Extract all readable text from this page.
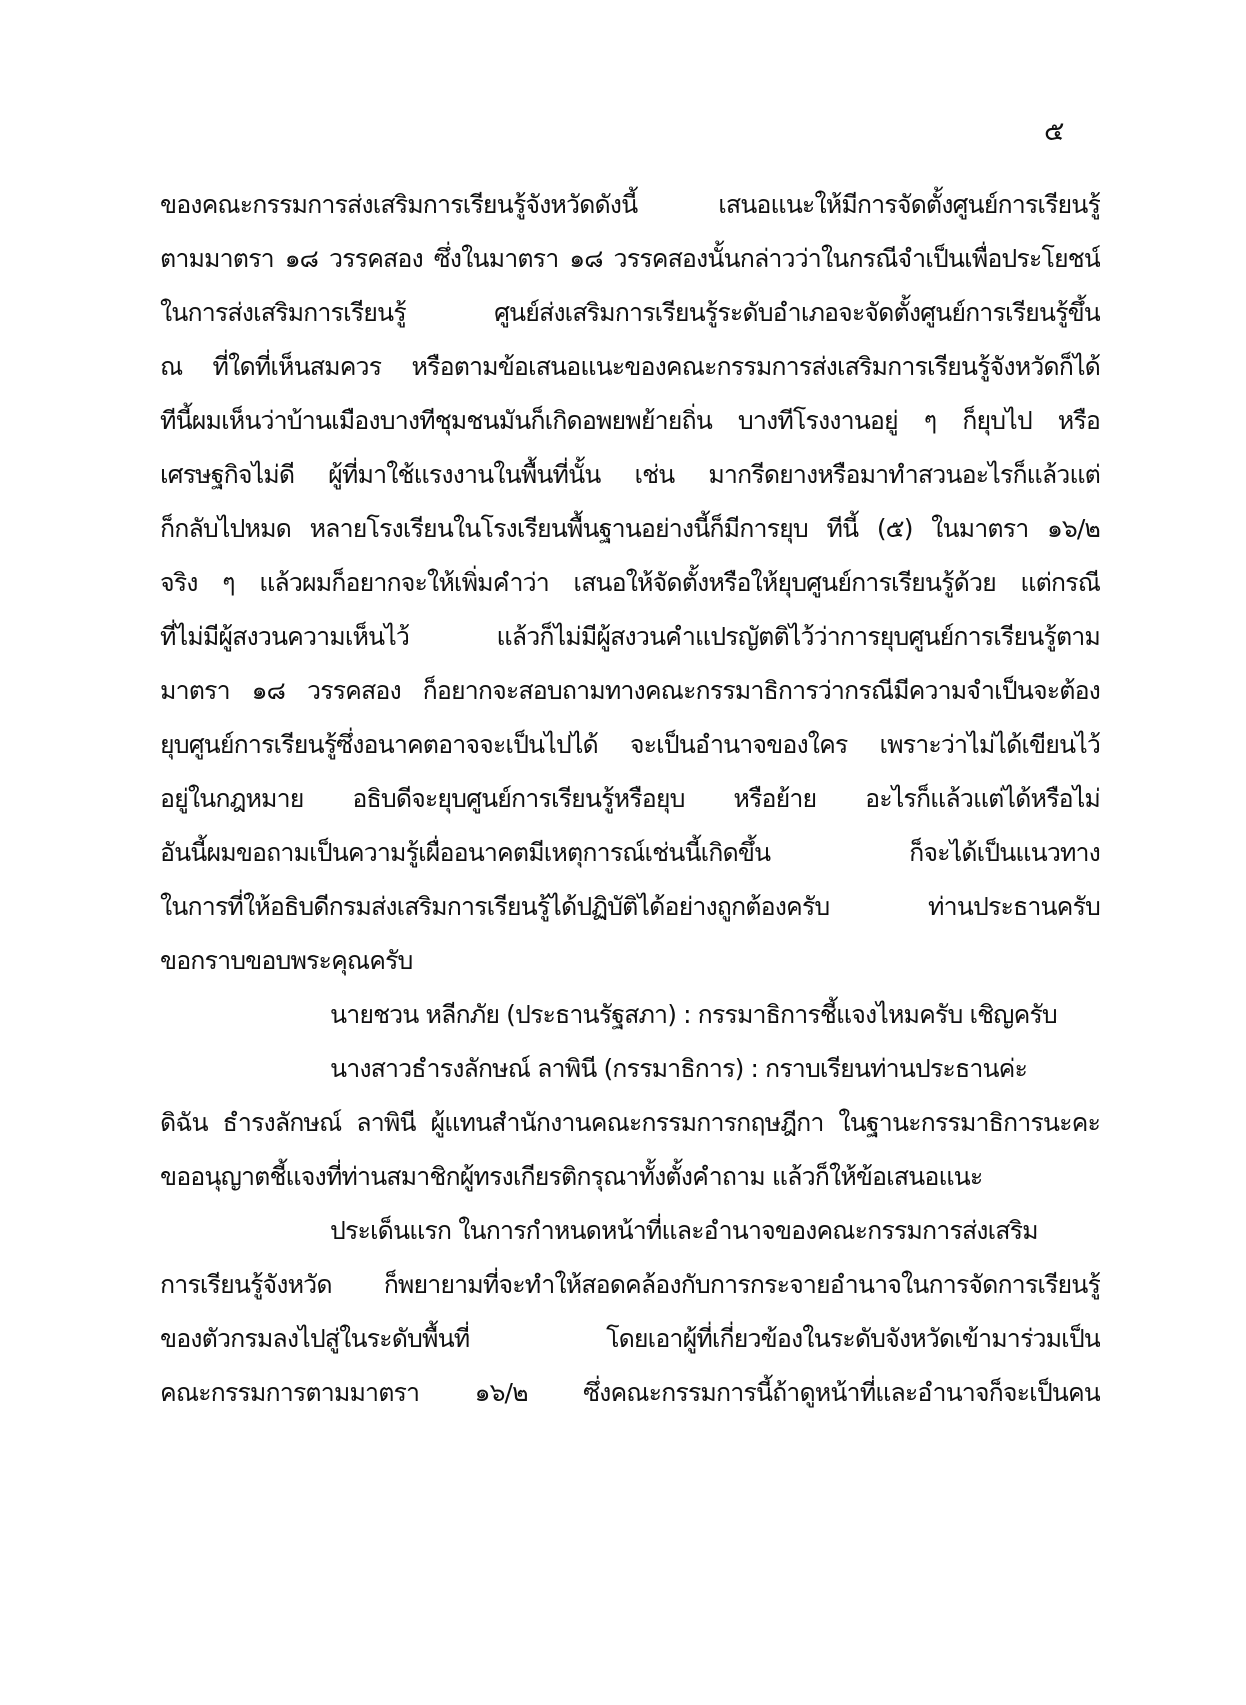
๕
ของคณะกรรมการส่งเสริมการเรียนรู้จังหวัดดังนี้ เสนอแนะให้มีการจัดตั้งศูนย์การเรียนรู้
ตามมาตรา ๑๘ วรรคสอง ซึ่งในมาตรา ๑๘ วรรคสองนั้นกล่าวว่าในกรณีจำเป็นเพื่อประโยชน์
ในการส่งเสริมการเรียนรู้ ศูนย์ส่งเสริมการเรียนรู้ระดับอำเภอจะจัดตั้งศูนย์การเรียนรู้ขึ้น
ณ ที่ใดที่เห็นสมควร หรือตามข้อเสนอแนะของคณะกรรมการส่งเสริมการเรียนรู้จังหวัดก็ได้
ทีนี้ผมเห็นว่าบ้านเมืองบางทีชุมชนมันก็เกิดอพยพย้ายถิ่น บางทีโรงงานอยู่ ๆ ก็ยุบไป หรือ
เศรษฐกิจไม่ดี ผู้ที่มาใช้แรงงานในพื้นที่นั้น เช่น มากรีดยางหรือมาทำสวนอะไรก็แล้วแต่
ก็กลับไปหมด หลายโรงเรียนในโรงเรียนพื้นฐานอย่างนี้ก็มีการยุบ ทีนี้ (๕) ในมาตรา ๑๖/๒
จริง ๆ แล้วผมก็อยากจะให้เพิ่มคำว่า เสนอให้จัดตั้งหรือให้ยุบศูนย์การเรียนรู้ด้วย แต่กรณี
ที่ไม่มีผู้สงวนความเห็นไว้ แล้วก็ไม่มีผู้สงวนคำแปรญัตติไว้ว่าการยุบศูนย์การเรียนรู้ตาม
มาตรา ๑๘ วรรคสอง ก็อยากจะสอบถามทางคณะกรรมาธิการว่ากรณีมีความจำเป็นจะต้อง
ยุบศูนย์การเรียนรู้ซึ่งอนาคตอาจจะเป็นไปได้ จะเป็นอำนาจของใคร เพราะว่าไม่ได้เขียนไว้
อยู่ในกฎหมาย อธิบดีจะยุบศูนย์การเรียนรู้หรือยุบ หรือย้าย อะไรก็แล้วแต่ได้หรือไม่
อันนี้ผมขอถามเป็นความรู้เผื่ออนาคตมีเหตุการณ์เช่นนี้เกิดขึ้น ก็จะได้เป็นแนวทาง
ในการที่ให้อธิบดีกรมส่งเสริมการเรียนรู้ได้ปฏิบัติได้อย่างถูกต้องครับ ท่านประธานครับ
ขอกราบขอบพระคุณครับ
นายชวน หลีกภัย (ประธานรัฐสภา) : กรรมาธิการชี้แจงไหมครับ เชิญครับ
นางสาวธำรงลักษณ์ ลาพินี (กรรมาธิการ) : กราบเรียนท่านประธานค่ะ
ดิฉัน ธำรงลักษณ์ ลาพินี ผู้แทนสำนักงานคณะกรรมการกฤษฎีกา ในฐานะกรรมาธิการนะคะ
ขออนุญาตชี้แจงที่ท่านสมาชิกผู้ทรงเกียรติกรุณาทั้งตั้งคำถาม แล้วก็ให้ข้อเสนอแนะ
ประเด็นแรก ในการกำหนดหน้าที่และอำนาจของคณะกรรมการส่งเสริม
การเรียนรู้จังหวัด ก็พยายามที่จะทำให้สอดคล้องกับการกระจายอำนาจในการจัดการเรียนรู้
ของตัวกรมลงไปสู่ในระดับพื้นที่ โดยเอาผู้ที่เกี่ยวข้องในระดับจังหวัดเข้ามาร่วมเป็น
คณะกรรมการตามมาตรา ๑๖/๒ ซึ่งคณะกรรมการนี้ถ้าดูหน้าที่และอำนาจก็จะเป็นคน
